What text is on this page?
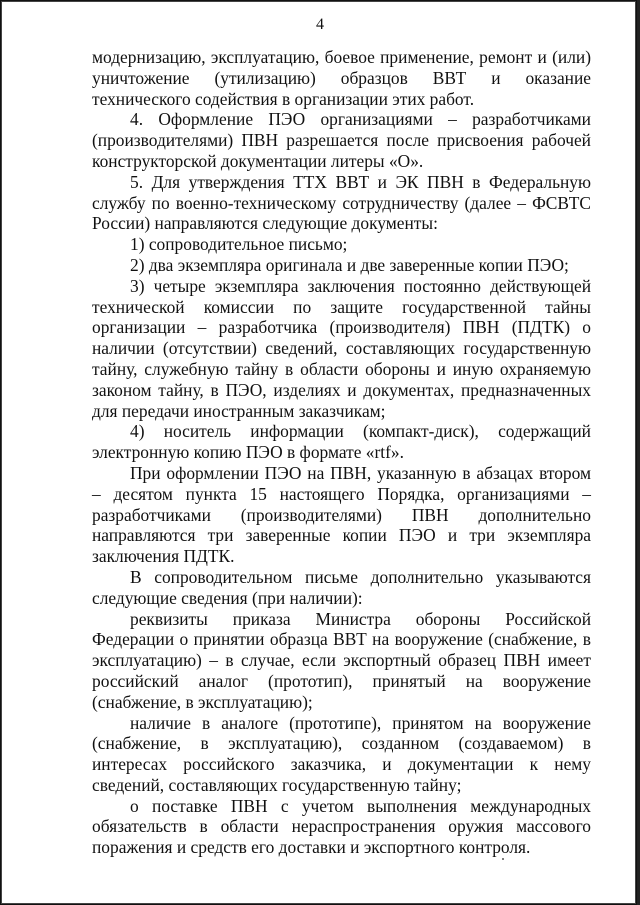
4

модернизацию, эксплуатацию, боевое применение, ремонт и (или) уничтожение (утилизацию) образцов ВВТ и оказание технического содействия в организации этих работ.

4. Оформление ПЭО организациями – разработчиками (производителями) ПВН разрешается после присвоения рабочей конструкторской документации литеры «О».

5. Для утверждения ТТХ ВВТ и ЭК ПВН в Федеральную службу по военно-техническому сотрудничеству (далее – ФСВТС России) направляются следующие документы:

1) сопроводительное письмо;

2) два экземпляра оригинала и две заверенные копии ПЭО;

3) четыре экземпляра заключения постоянно действующей технической комиссии по защите государственной тайны организации – разработчика (производителя) ПВН (ПДТК) о наличии (отсутствии) сведений, составляющих государственную тайну, служебную тайну в области обороны и иную охраняемую законом тайну, в ПЭО, изделиях и документах, предназначенных для передачи иностранным заказчикам;

4) носитель информации (компакт-диск), содержащий электронную копию ПЭО в формате «rtf».

При оформлении ПЭО на ПВН, указанную в абзацах втором – десятом пункта 15 настоящего Порядка, организациями – разработчиками (производителями) ПВН дополнительно направляются три заверенные копии ПЭО и три экземпляра заключения ПДТК.

В сопроводительном письме дополнительно указываются следующие сведения (при наличии):

реквизиты приказа Министра обороны Российской Федерации о принятии образца ВВТ на вооружение (снабжение, в эксплуатацию) – в случае, если экспортный образец ПВН имеет российский аналог (прототип), принятый на вооружение (снабжение, в эксплуатацию);

наличие в аналоге (прототипе), принятом на вооружение (снабжение, в эксплуатацию), созданном (создаваемом) в интересах российского заказчика, и документации к нему сведений, составляющих государственную тайну;

о поставке ПВН с учетом выполнения международных обязательств в области нераспространения оружия массового поражения и средств его доставки и экспортного контроля.
